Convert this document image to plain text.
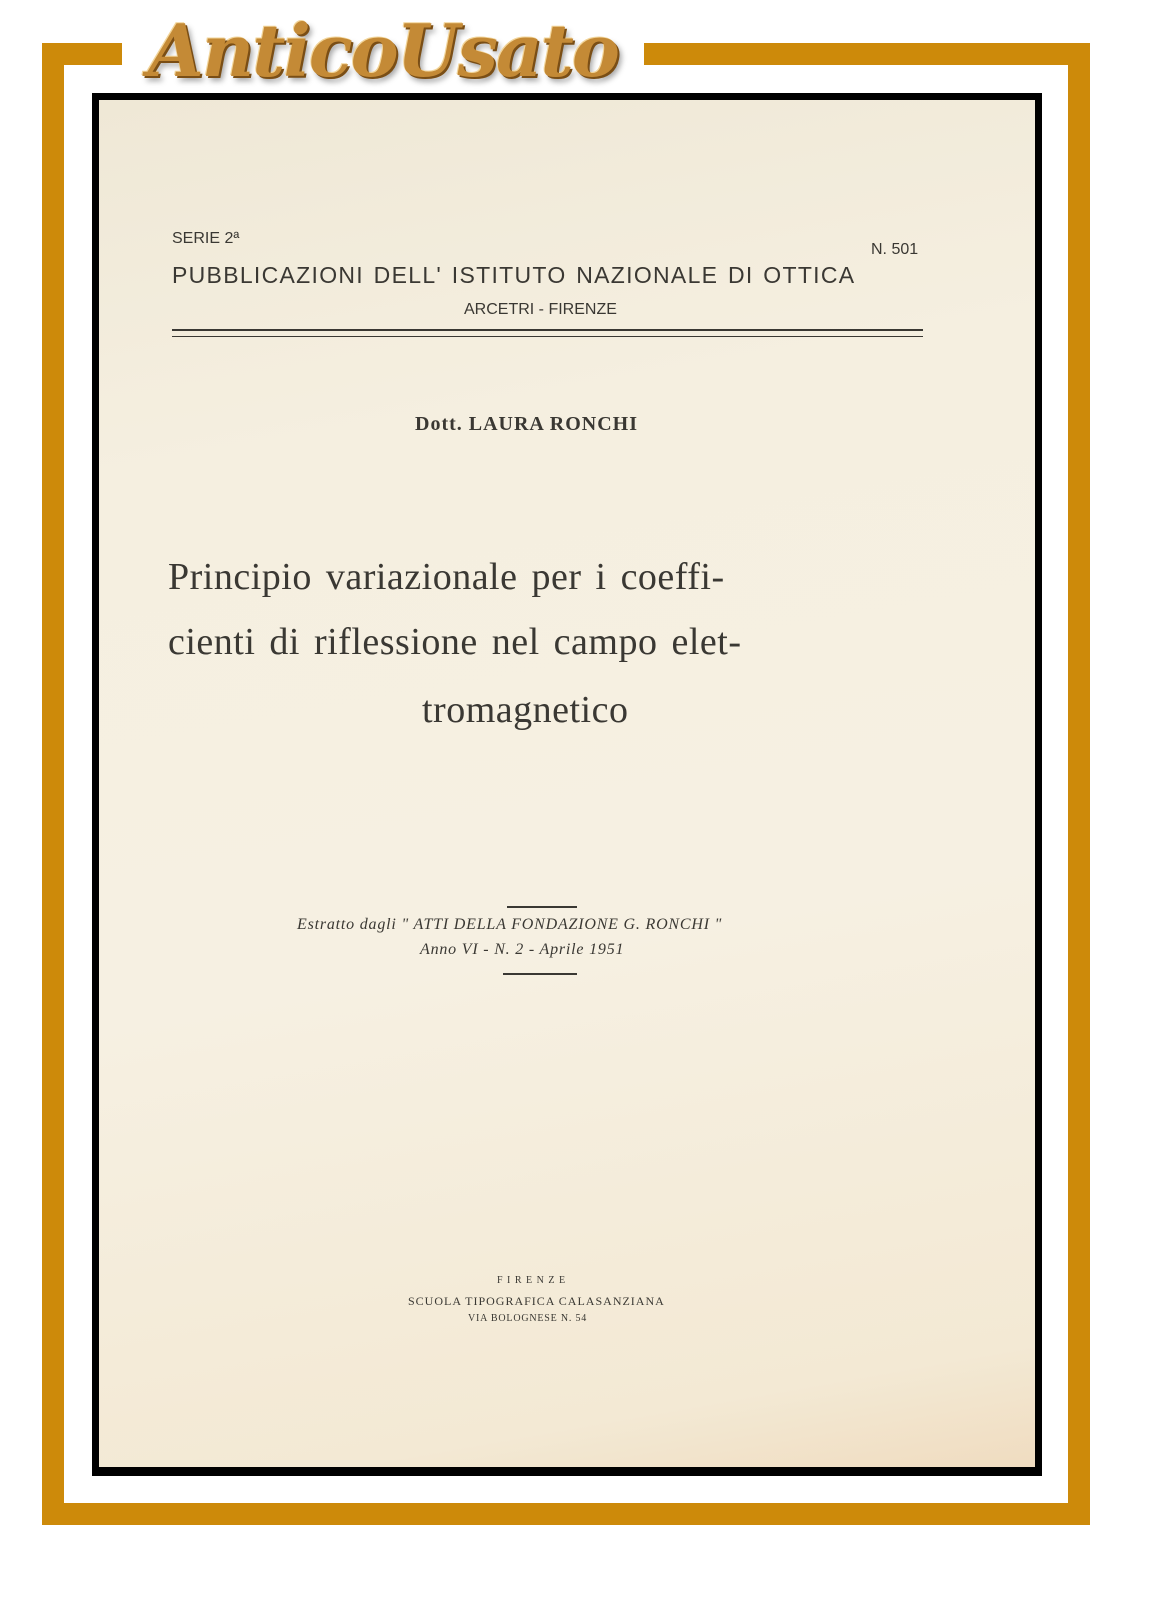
AnticoUsato
SERIE 2ª
N. 501
PUBBLICAZIONI DELL' ISTITUTO NAZIONALE DI OTTICA
ARCETRI - FIRENZE
Dott. LAURA RONCHI
Principio variazionale per i coeffi-
cienti di riflessione nel campo elet-
tromagnetico
Estratto dagli " ATTI DELLA FONDAZIONE G. RONCHI "
Anno VI - N. 2 - Aprile 1951
F I R E N Z E
SCUOLA TIPOGRAFICA CALASANZIANA
VIA BOLOGNESE N. 54
